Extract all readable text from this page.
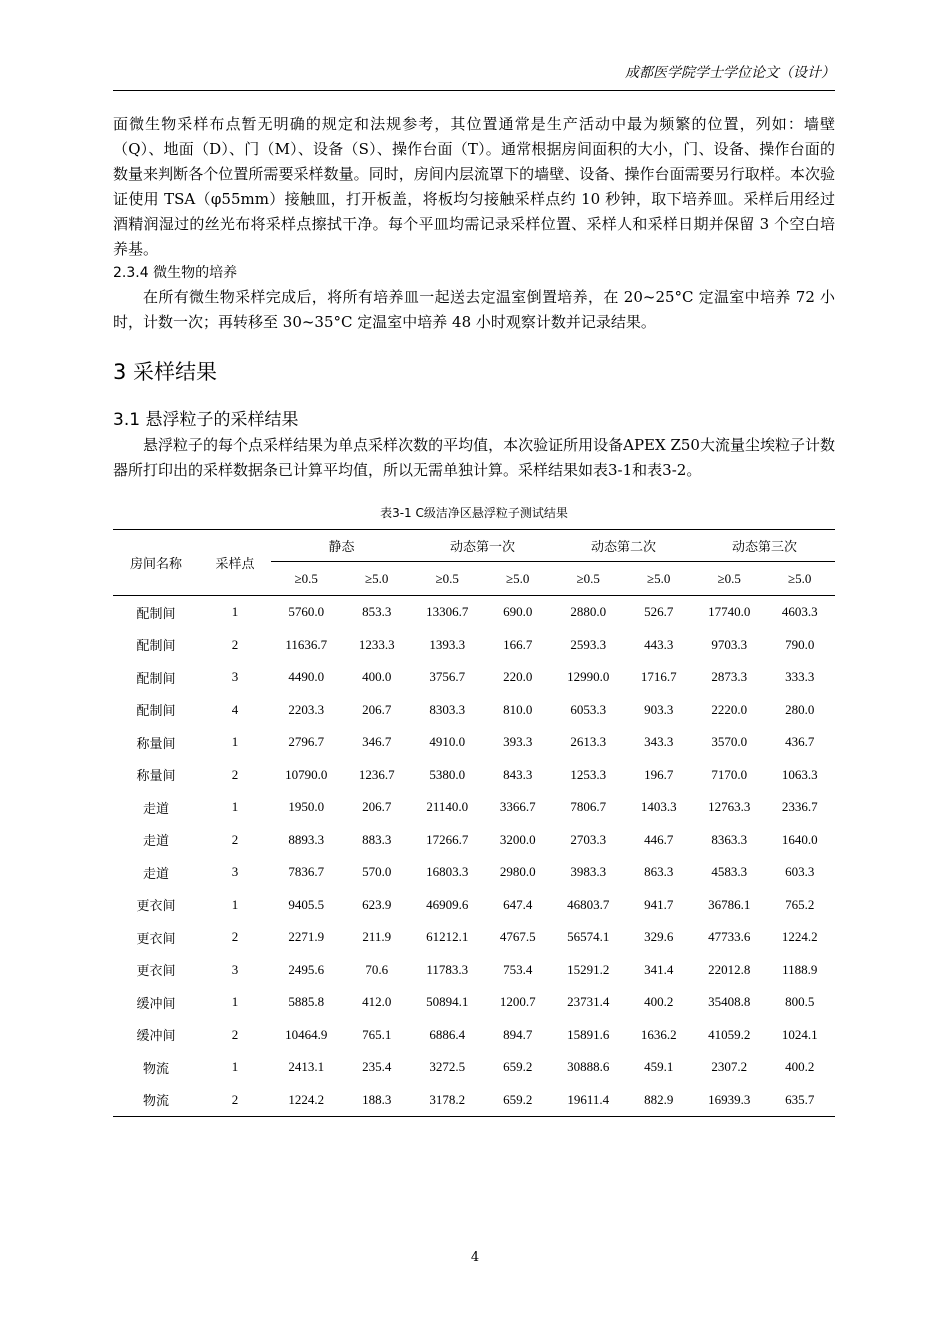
成都医学院学士学位论文（设计）

面微生物采样布点暂无明确的规定和法规参考，其位置通常是生产活动中最为频繁的位置，列如：墙壁（Q）、地面（D）、门（M）、设备（S）、操作台面（T）。通常根据房间面积的大小，门、设备、操作台面的数量来判断各个位置所需要采样数量。同时，房间内层流罩下的墙壁、设备、操作台面需要另行取样。本次验证使用 TSA（φ55mm）接触皿，打开板盖，将板均匀接触采样点约 10 秒钟，取下培养皿。采样后用经过酒精润湿过的丝光布将采样点擦拭干净。每个平皿均需记录采样位置、采样人和采样日期并保留 3 个空白培养基。

2.3.4 微生物的培养

在所有微生物采样完成后，将所有培养皿一起送去定温室倒置培养，在 20~25°C 定温室中培养 72 小时，计数一次；再转移至 30~35°C 定温室中培养 48 小时观察计数并记录结果。

3 采样结果
3.1 悬浮粒子的采样结果

悬浮粒子的每个点采样结果为单点采样次数的平均值，本次验证所用设备APEX Z50大流量尘埃粒子计数器所打印出的采样数据条已计算平均值，所以无需单独计算。采样结果如表3-1和表3-2。

表3-1 C级洁净区悬浮粒子测试结果
房间名称	采样点	静态		动态第一次		动态第二次		动态第三次	
		≥0.5	≥5.0	≥0.5	≥5.0	≥0.5	≥5.0	≥0.5	≥5.0
配制间	1	5760.0	853.3	13306.7	690.0	2880.0	526.7	17740.0	4603.3
配制间	2	11636.7	1233.3	1393.3	166.7	2593.3	443.3	9703.3	790.0
配制间	3	4490.0	400.0	3756.7	220.0	12990.0	1716.7	2873.3	333.3
配制间	4	2203.3	206.7	8303.3	810.0	6053.3	903.3	2220.0	280.0
称量间	1	2796.7	346.7	4910.0	393.3	2613.3	343.3	3570.0	436.7
称量间	2	10790.0	1236.7	5380.0	843.3	1253.3	196.7	7170.0	1063.3
走道	1	1950.0	206.7	21140.0	3366.7	7806.7	1403.3	12763.3	2336.7
走道	2	8893.3	883.3	17266.7	3200.0	2703.3	446.7	8363.3	1640.0
走道	3	7836.7	570.0	16803.3	2980.0	3983.3	863.3	4583.3	603.3
更衣间	1	9405.5	623.9	46909.6	647.4	46803.7	941.7	36786.1	765.2
更衣间	2	2271.9	211.9	61212.1	4767.5	56574.1	329.6	47733.6	1224.2
更衣间	3	2495.6	70.6	11783.3	753.4	15291.2	341.4	22012.8	1188.9
缓冲间	1	5885.8	412.0	50894.1	1200.7	23731.4	400.2	35408.8	800.5
缓冲间	2	10464.9	765.1	6886.4	894.7	15891.6	1636.2	41059.2	1024.1
物流	1	2413.1	235.4	3272.5	659.2	30888.6	459.1	2307.2	400.2
物流	2	1224.2	188.3	3178.2	659.2	19611.4	882.9	16939.3	635.7
4
